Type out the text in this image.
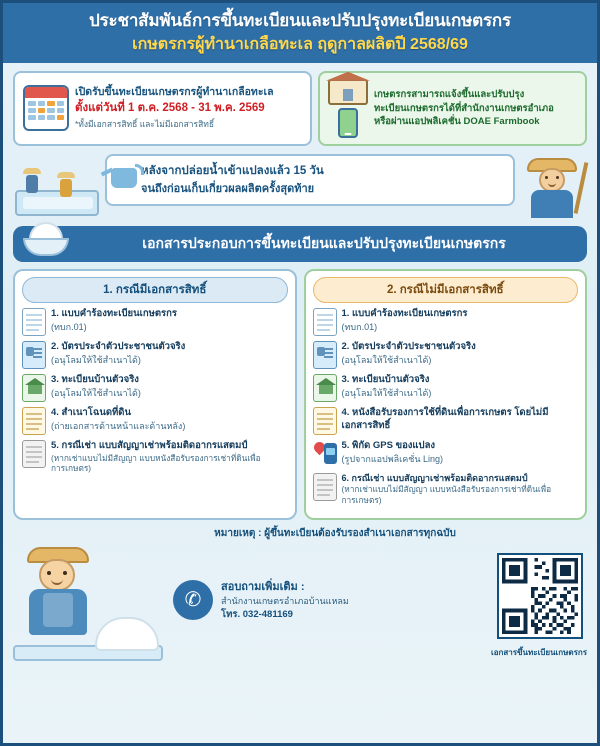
ประชาสัมพันธ์การขึ้นทะเบียนและปรับปรุงทะเบียนเกษตรกร
เกษตรกรผู้ทำนาเกลือทะเล ฤดูกาลผลิตปี 2568/69
เปิดรับขึ้นทะเบียนเกษตรกรผู้ทำนาเกลือทะเล
ตั้งแต่วันที่ 1 ต.ค. 2568 - 31 พ.ค. 2569
*ทั้งมีเอกสารสิทธิ์ และไม่มีเอกสารสิทธิ์
เกษตรกรสามารถแจ้งขึ้นและปรับปรุง
ทะเบียนเกษตรกรได้ที่สำนักงานเกษตรอำเภอ
หรือผ่านแอปพลิเคชั่น DOAE Farmbook
หลังจากปล่อยน้ำเข้าแปลงแล้ว 15 วัน
จนถึงก่อนเก็บเกี่ยวผลผลิตครั้งสุดท้าย
เอกสารประกอบการขึ้นทะเบียนและปรับปรุงทะเบียนเกษตรกร
1. กรณีมีเอกสารสิทธิ์
1. แบบคำร้องทะเบียนเกษตรกร
(ทบก.01)
2. บัตรประจำตัวประชาชนตัวจริง
(อนุโลมให้ใช้สำเนาได้)
3. ทะเบียนบ้านตัวจริง
(อนุโลมให้ใช้สำเนาได้)
4. สำเนาโฉนดที่ดิน
(ถ่ายเอกสารด้านหน้าและด้านหลัง)
5. กรณีเช่า แบบสัญญาเช่าพร้อมติดอากรแสตมป์
(หากเช่าแบบไม่มีสัญญา แบบหนังสือรับรองการเช่าที่ดินเพื่อการเกษตร)
2. กรณีไม่มีเอกสารสิทธิ์
1. แบบคำร้องทะเบียนเกษตรกร
(ทบก.01)
2. บัตรประจำตัวประชาชนตัวจริง
(อนุโลมให้ใช้สำเนาได้)
3. ทะเบียนบ้านตัวจริง
(อนุโลมให้ใช้สำเนาได้)
4. หนังสือรับรองการใช้ที่ดินเพื่อการเกษตร โดยไม่มีเอกสารสิทธิ์
5. พิกัด GPS ของแปลง
(รูปจากแอปพลิเคชั่น Ling)
6. กรณีเช่า แบบสัญญาเช่าพร้อมติดอากรแสตมป์
(หากเช่าแบบไม่มีสัญญา แบบหนังสือรับรองการเช่าที่ดินเพื่อการเกษตร)
หมายเหตุ : ผู้ขึ้นทะเบียนต้องรับรองสำเนาเอกสารทุกฉบับ
✆
สอบถามเพิ่มเติม :
สำนักงานเกษตรอำเภอบ้านแหลม
โทร. 032-481169
เอกสารขึ้นทะเบียนเกษตรกร
